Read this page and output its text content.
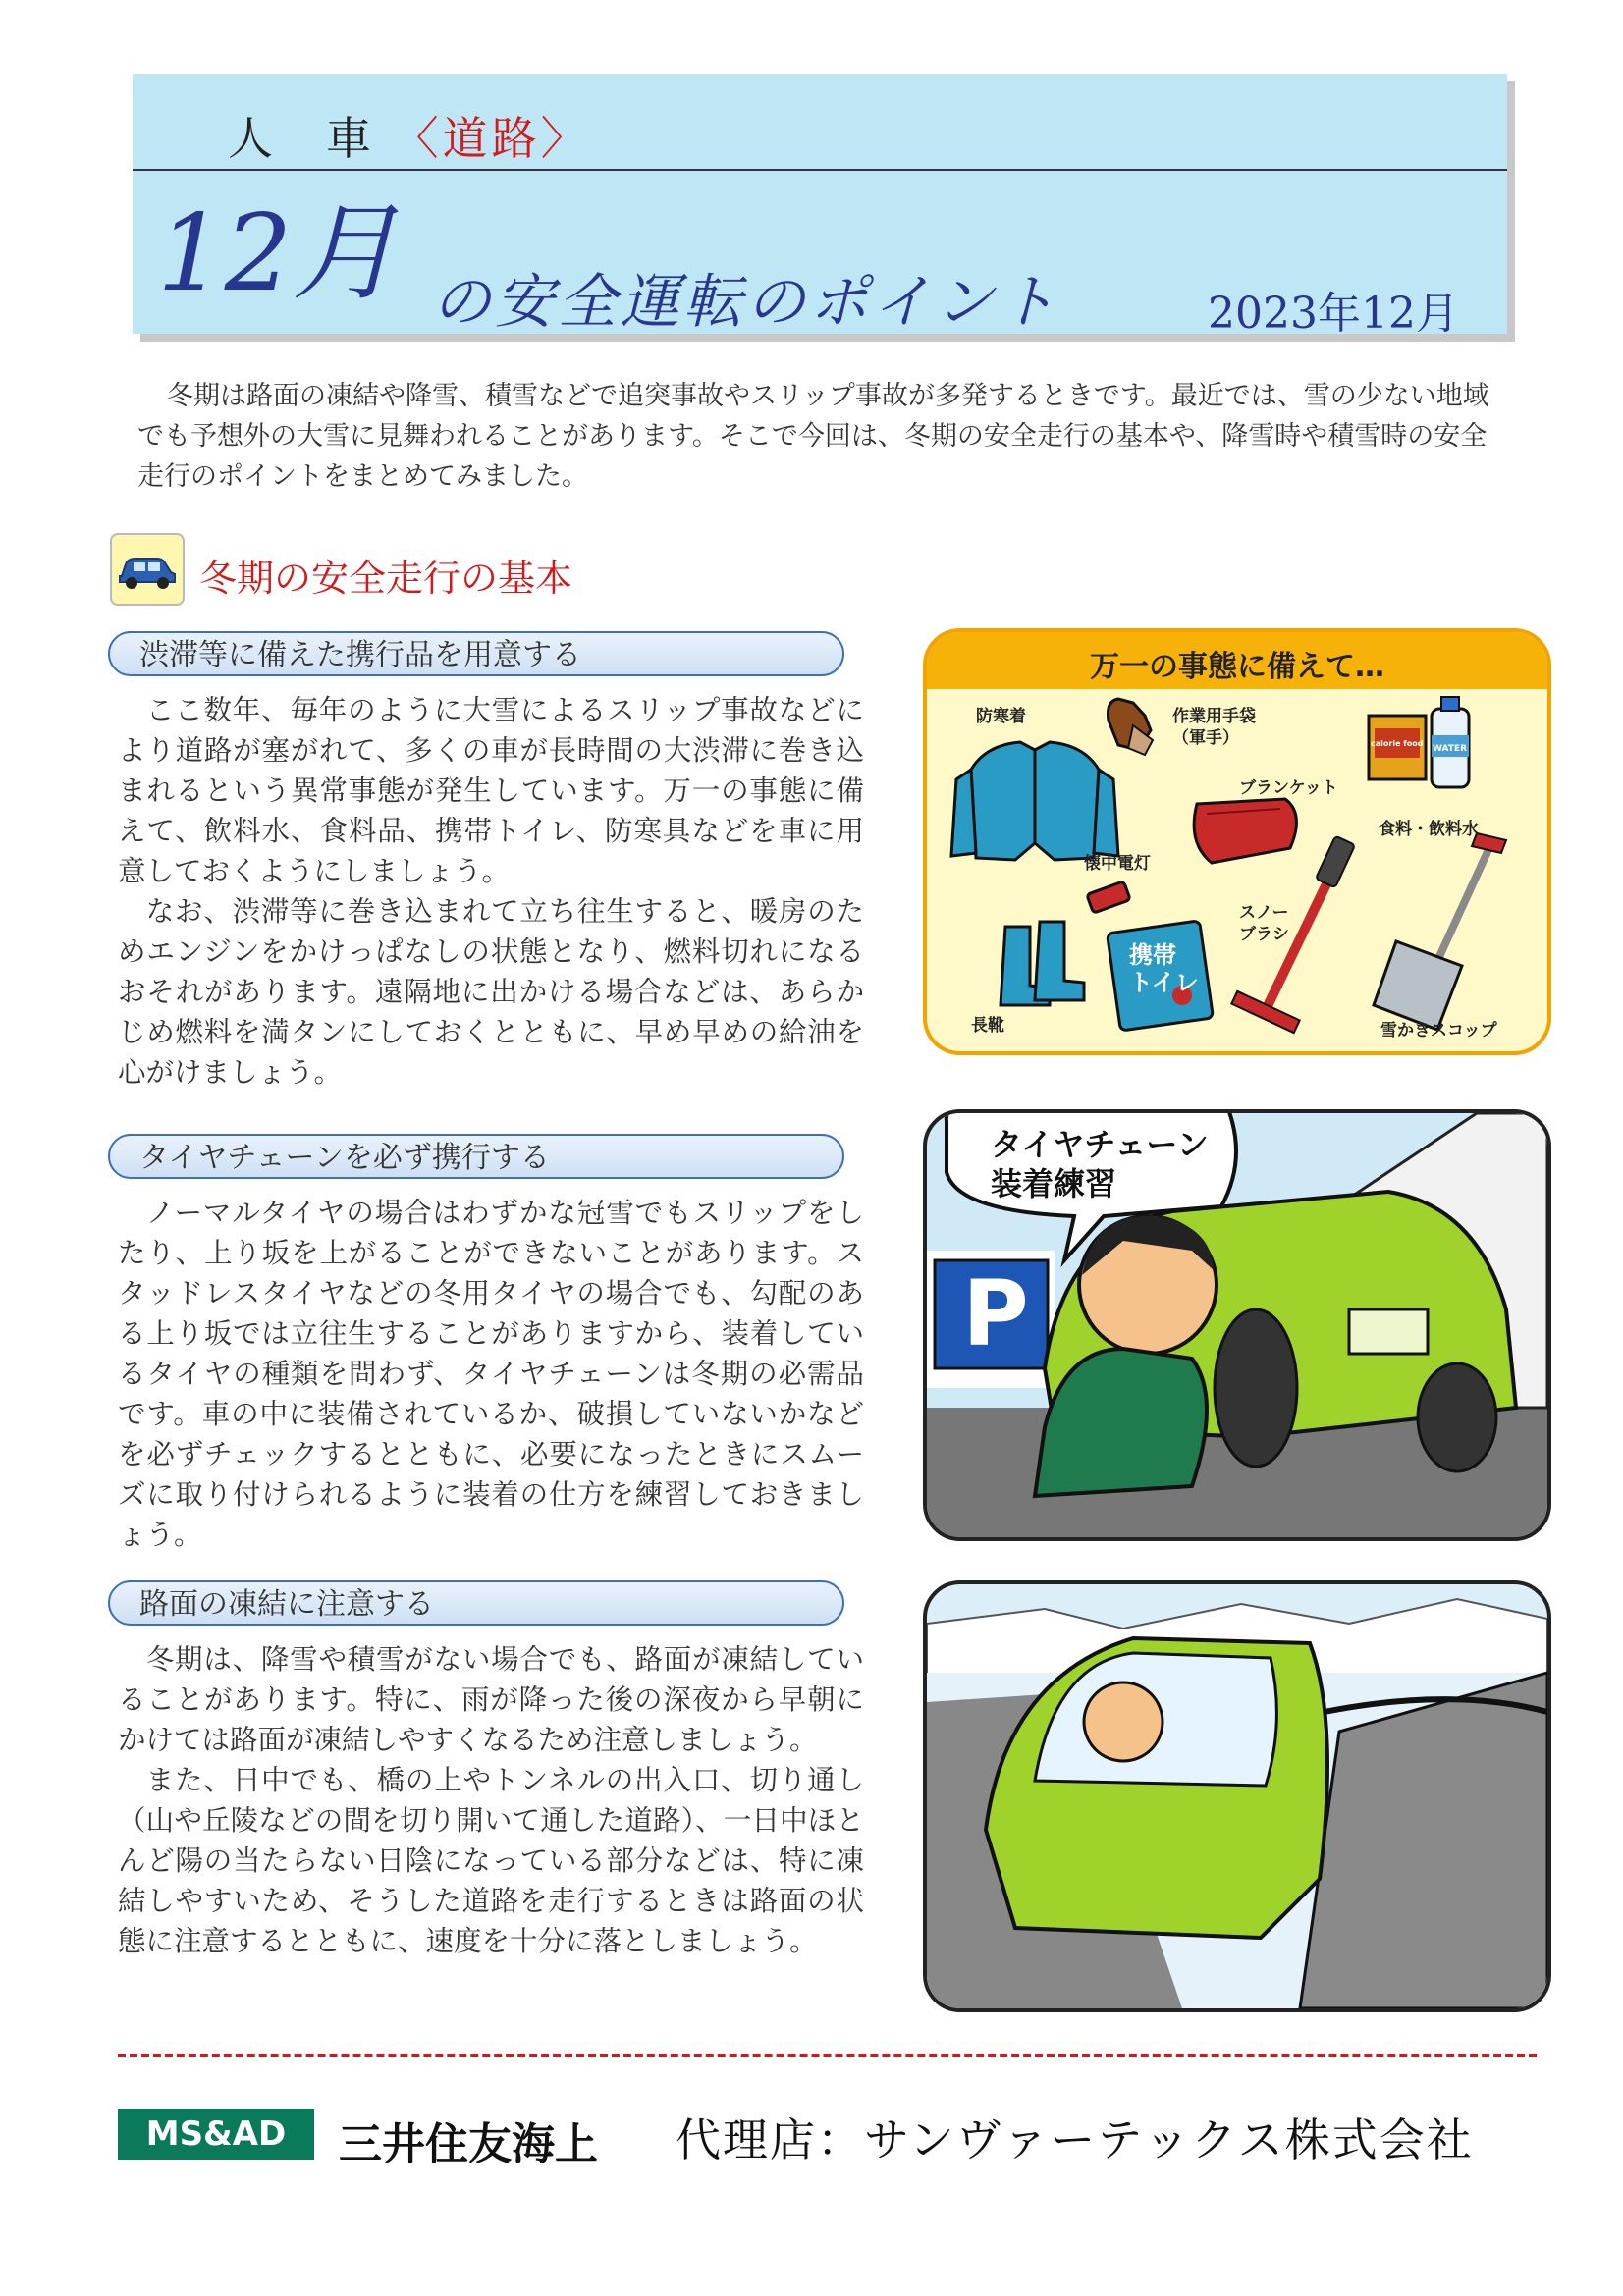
人　車 〈道路〉
12月 の安全運転のポイント	2023年12月
冬期は路面の凍結や降雪、積雪などで追突事故やスリップ事故が多発するときです。最近では、雪の少ない地域でも予想外の大雪に見舞われることがあります。そこで今回は、冬期の安全走行の基本や、降雪時や積雪時の安全走行のポイントをまとめてみました。
冬期の安全走行の基本
渋滞等に備えた携行品を用意する
ここ数年、毎年のように大雪によるスリップ事故などにより道路が塞がれて、多くの車が長時間の大渋滞に巻き込まれるという異常事態が発生しています。万一の事態に備えて、飲料水、食料品、携帯トイレ、防寒具などを車に用意しておくようにしましょう。
なお、渋滞等に巻き込まれて立ち往生すると、暖房のためエンジンをかけっぱなしの状態となり、燃料切れになるおそれがあります。遠隔地に出かける場合などは、あらかじめ燃料を満タンにしておくとともに、早め早めの給油を心がけましょう。
タイヤチェーンを必ず携行する
ノーマルタイヤの場合はわずかな冠雪でもスリップをしたり、上り坂を上がることができないことがあります。スタッドレスタイヤなどの冬用タイヤの場合でも、勾配のある上り坂では立往生することがありますから、装着しているタイヤの種類を問わず、タイヤチェーンは冬期の必需品です。車の中に装備されているか、破損していないかなどを必ずチェックするとともに、必要になったときにスムーズに取り付けられるように装着の仕方を練習しておきましょう。
路面の凍結に注意する
冬期は、降雪や積雪がない場合でも、路面が凍結していることがあります。特に、雨が降った後の深夜から早朝にかけては路面が凍結しやすくなるため注意しましょう。
また、日中でも、橋の上やトンネルの出入口、切り通し（山や丘陵などの間を切り開いて通した道路）、一日中ほとんど陽の当たらない日陰になっている部分などは、特に凍結しやすいため、そうした道路を走行するときは路面の状態に注意するとともに、速度を十分に落としましょう。
万一の事態に備えて…
防寒着	作業用手袋
（軍手）
ブランケット
食料・飲料水
懐中電灯
スノー
ブラシ
長靴	雪かきスコップ
携帯
トイレ
calorie food
WATER
P
タイヤチェーン
装着練習
MS&AD	三井住友海上 代理店：サンヴァーテックス株式会社
